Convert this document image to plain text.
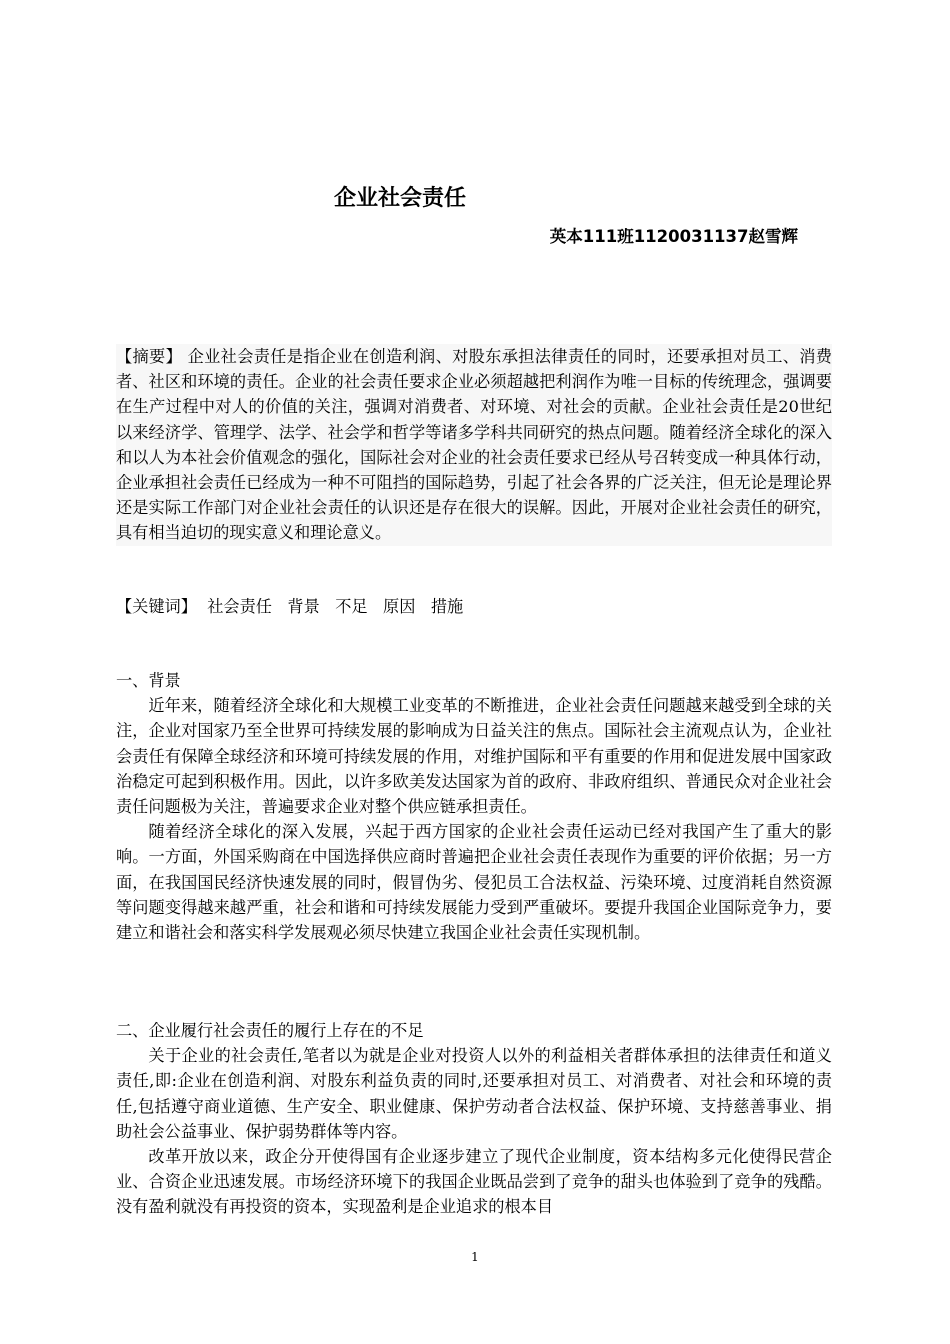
企业社会责任
英本111班1120031137赵雪辉

【摘要】 企业社会责任是指企业在创造利润、对股东承担法律责任的同时，还要承担对员工、消费者、社区和环境的责任。企业的社会责任要求企业必须超越把利润作为唯一目标的传统理念，强调要在生产过程中对人的价值的关注，强调对消费者、对环境、对社会的贡献。企业社会责任是20世纪以来经济学、管理学、法学、社会学和哲学等诸多学科共同研究的热点问题。随着经济全球化的深入和以人为本社会价值观念的强化，国际社会对企业的社会责任要求已经从号召转变成一种具体行动，企业承担社会责任已经成为一种不可阻挡的国际趋势，引起了社会各界的广泛关注，但无论是理论界还是实际工作部门对企业社会责任的认识还是存在很大的误解。因此，开展对企业社会责任的研究，具有相当迫切的现实意义和理论意义。

【关键词】 社会责任 背景 不足 原因 措施

一、背景

近年来，随着经济全球化和大规模工业变革的不断推进，企业社会责任问题越来越受到全球的关注，企业对国家乃至全世界可持续发展的影响成为日益关注的焦点。国际社会主流观点认为，企业社会责任有保障全球经济和环境可持续发展的作用，对维护国际和平有重要的作用和促进发展中国家政治稳定可起到积极作用。因此，以许多欧美发达国家为首的政府、非政府组织、普通民众对企业社会责任问题极为关注，普遍要求企业对整个供应链承担责任。

随着经济全球化的深入发展，兴起于西方国家的企业社会责任运动已经对我国产生了重大的影响。一方面，外国采购商在中国选择供应商时普遍把企业社会责任表现作为重要的评价依据；另一方面，在我国国民经济快速发展的同时，假冒伪劣、侵犯员工合法权益、污染环境、过度消耗自然资源等问题变得越来越严重，社会和谐和可持续发展能力受到严重破坏。要提升我国企业国际竞争力，要建立和谐社会和落实科学发展观必须尽快建立我国企业社会责任实现机制。

二、企业履行社会责任的履行上存在的不足

关于企业的社会责任,笔者以为就是企业对投资人以外的利益相关者群体承担的法律责任和道义责任,即:企业在创造利润、对股东利益负责的同时,还要承担对员工、对消费者、对社会和环境的责任,包括遵守商业道德、生产安全、职业健康、保护劳动者合法权益、保护环境、支持慈善事业、捐助社会公益事业、保护弱势群体等内容。

改革开放以来，政企分开使得国有企业逐步建立了现代企业制度，资本结构多元化使得民营企业、合资企业迅速发展。市场经济环境下的我国企业既品尝到了竞争的甜头也体验到了竞争的残酷。没有盈利就没有再投资的资本，实现盈利是企业追求的根本目

1
